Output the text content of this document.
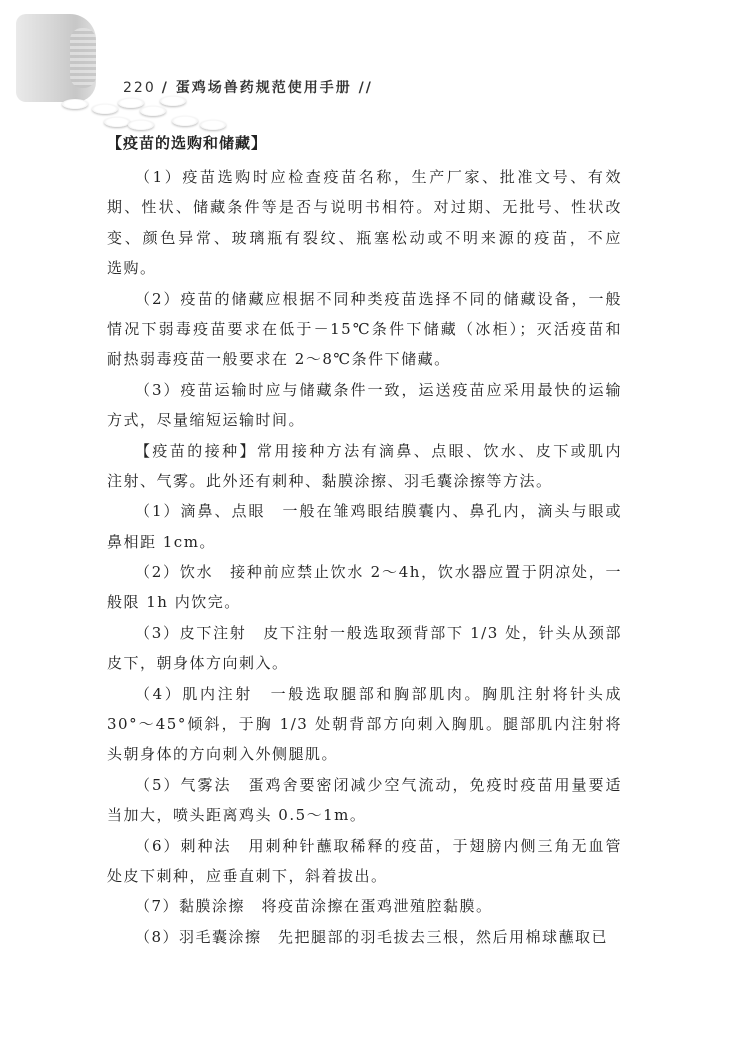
220 / 蛋鸡场兽药规范使用手册 //
【疫苗的选购和储藏】
（1）疫苗选购时应检查疫苗名称，生产厂家、批准文号、有效
期、性状、储藏条件等是否与说明书相符。对过期、无批号、性状改
变、颜色异常、玻璃瓶有裂纹、瓶塞松动或不明来源的疫苗，不应
选购。
（2）疫苗的储藏应根据不同种类疫苗选择不同的储藏设备，一般
情况下弱毒疫苗要求在低于－15℃条件下储藏（冰柜）；灭活疫苗和
耐热弱毒疫苗一般要求在 2～8℃条件下储藏。
（3）疫苗运输时应与储藏条件一致，运送疫苗应采用最快的运输
方式，尽量缩短运输时间。
【疫苗的接种】常用接种方法有滴鼻、点眼、饮水、皮下或肌内
注射、气雾。此外还有刺种、黏膜涂擦、羽毛囊涂擦等方法。
（1）滴鼻、点眼　一般在雏鸡眼结膜囊内、鼻孔内，滴头与眼或
鼻相距 1cm。
（2）饮水　接种前应禁止饮水 2～4h，饮水器应置于阴凉处，一
般限 1h 内饮完。
（3）皮下注射　皮下注射一般选取颈背部下 1/3 处，针头从颈部
皮下，朝身体方向刺入。
（4）肌内注射　一般选取腿部和胸部肌肉。胸肌注射将针头成
30°～45°倾斜，于胸 1/3 处朝背部方向刺入胸肌。腿部肌内注射将
头朝身体的方向刺入外侧腿肌。
（5）气雾法　蛋鸡舍要密闭减少空气流动，免疫时疫苗用量要适
当加大，喷头距离鸡头 0.5～1m。
（6）刺种法　用刺种针蘸取稀释的疫苗，于翅膀内侧三角无血管
处皮下刺种，应垂直刺下，斜着拔出。
（7）黏膜涂擦　将疫苗涂擦在蛋鸡泄殖腔黏膜。
（8）羽毛囊涂擦　先把腿部的羽毛拔去三根，然后用棉球蘸取已
